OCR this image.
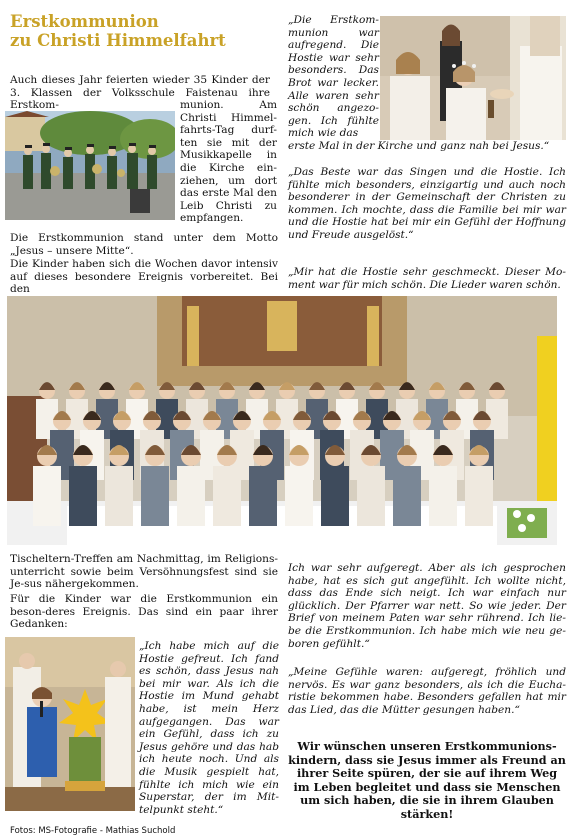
Erstkommunion
zu Christi Himmelfahrt
Auch dieses Jahr feierten wieder 35 Kinder der 3. Klassen der Volksschule Faistenau ihre Erstkom-	munion. Am Christi Himmel-fahrts-Tag durf-ten sie mit der Musikkapelle in die Kirche ein-ziehen, um dort das erste Mal den Leib Christi zu empfangen.
Die Erstkommunion stand unter dem Motto „Jesus – unsere Mitte“.
Die Kinder haben sich die Wochen davor intensiv auf dieses besondere Ereignis vorbereitet. Bei den
„Die Erstkom-munion war aufregend. Die Hostie war sehr besonders. Das Brot war lecker. Alle waren sehr schön angezo-gen. Ich fühlte mich wie das
erste Mal in der Kirche und ganz nah bei Jesus.“
„Das Beste war das Singen und die Hostie. Ich fühlte mich besonders, einzigartig und auch noch besonderer in der Gemeinschaft der Christen zu kommen. Ich mochte, dass die Familie bei mir war und die Hostie hat bei mir ein Gefühl der Hoffnung und Freude ausgelöst.“
„Mir hat die Hostie sehr geschmeckt. Dieser Mo-ment war für mich schön. Die Lieder waren schön.
Tischeltern-Treffen am Nachmittag, im Religions-unterricht sowie beim Versöhnungsfest sind sie Je-sus nähergekommen.
Für die Kinder war die Erstkommunion ein beson-deres Ereignis. Das sind ein paar ihrer Gedanken:
„Ich habe mich auf die Hostie gefreut. Ich fand es schön, dass Jesus nah bei mir war. Als ich die Hostie im Mund gehabt habe, ist mein Herz aufgegangen. Das war ein Gefühl, dass ich zu Jesus gehöre und das hab ich heute noch. Und als die Musik gespielt hat, fühlte ich mich wie ein Superstar, der im Mit-telpunkt steht.“
Ich war sehr aufgeregt. Aber als ich gesprochen habe, hat es sich gut angefühlt. Ich wollte nicht, dass das Ende sich neigt. Ich war einfach nur glücklich. Der Pfarrer war nett. So wie jeder. Der Brief von meinem Paten war sehr rührend. Ich lie-be die Erstkommunion. Ich habe mich wie neu ge-boren gefühlt.“
„Meine Gefühle waren: aufgeregt, fröhlich und nervös. Es war ganz besonders, als ich die Eucha-ristie bekommen habe. Besonders gefallen hat mir das Lied, das die Mütter gesungen haben.“
Wir wünschen unseren Erstkommunions-kindern, dass sie Jesus immer als Freund an ihrer Seite spüren, der sie auf ihrem Weg im Leben begleitet und dass sie Menschen um sich haben, die sie in ihrem Glauben stärken!
Fotos: MS-Fotografie - Mathias Suchold
